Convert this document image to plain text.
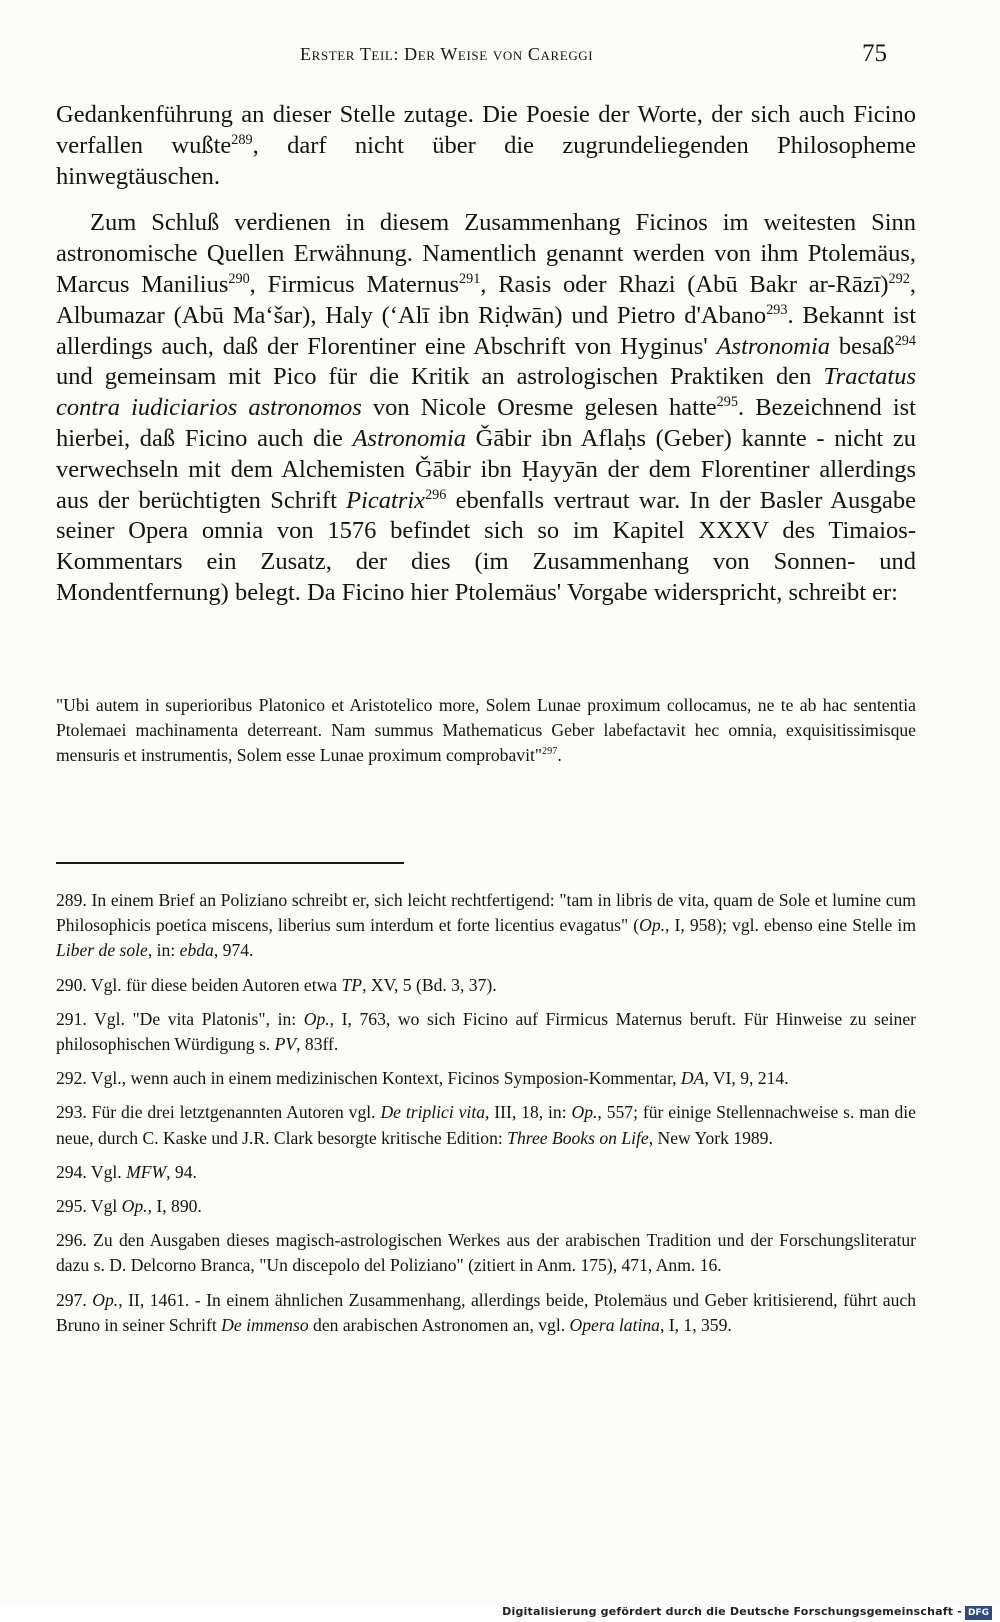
Erster Teil: Der Weise von Careggi	75

Gedankenführung an dieser Stelle zutage. Die Poesie der Worte, der sich auch Ficino verfallen wußte$^{289}$, darf nicht über die zugrundeliegenden Philosopheme hinwegtäuschen.

Zum Schluß verdienen in diesem Zusammenhang Ficinos im weitesten Sinn astronomische Quellen Erwähnung. Namentlich genannt werden von ihm Ptolemäus, Marcus Manilius$^{290}$, Firmicus Maternus$^{291}$, Rasis oder Rhazi (Abū Bakr ar-Rāzī)$^{292}$, Albumazar (Abū Ma‘šar), Haly (‘Alī ibn Riḍwān) und Pietro d'Abano$^{293}$. Bekannt ist allerdings auch, daß der Florentiner eine Abschrift von Hyginus' Astronomia besaß$^{294}$ und gemeinsam mit Pico für die Kritik an astrologischen Praktiken den Tractatus contra iudiciarios astronomos von Nicole Oresme gelesen hatte$^{295}$. Bezeichnend ist hierbei, daß Ficino auch die Astronomia Ǧābir ibn Aflaḥs (Geber) kannte - nicht zu verwechseln mit dem Alchemisten Ǧābir ibn Ḥayyān der dem Florentiner allerdings aus der berüchtigten Schrift Picatrix$^{296}$ ebenfalls vertraut war. In der Basler Ausgabe seiner Opera omnia von 1576 befindet sich so im Kapitel XXXV des Timaios-Kommentars ein Zusatz, der dies (im Zusammenhang von Sonnen- und Mondentfernung) belegt. Da Ficino hier Ptolemäus' Vorgabe widerspricht, schreibt er:

"Ubi autem in superioribus Platonico et Aristotelico more, Solem Lunae proximum collocamus, ne te ab hac sententia Ptolemaei machinamenta deterreant. Nam summus Mathematicus Geber labefactavit hec omnia, exquisitissimisque mensuris et instrumentis, Solem esse Lunae proximum comprobavit"$^{297}$.

289. In einem Brief an Poliziano schreibt er, sich leicht rechtfertigend: "tam in libris de vita, quam de Sole et lumine cum Philosophicis poetica miscens, liberius sum interdum et forte licentius evagatus" (Op., I, 958); vgl. ebenso eine Stelle im Liber de sole, in: ebda, 974.

290. Vgl. für diese beiden Autoren etwa TP, XV, 5 (Bd. 3, 37).

291. Vgl. "De vita Platonis", in: Op., I, 763, wo sich Ficino auf Firmicus Maternus beruft. Für Hinweise zu seiner philosophischen Würdigung s. PV, 83ff.

292. Vgl., wenn auch in einem medizinischen Kontext, Ficinos Symposion-Kommentar, DA, VI, 9, 214.

293. Für die drei letztgenannten Autoren vgl. De triplici vita, III, 18, in: Op., 557; für einige Stellennachweise s. man die neue, durch C. Kaske und J.R. Clark besorgte kritische Edition: Three Books on Life, New York 1989.

294. Vgl. MFW, 94.

295. Vgl Op., I, 890.

296. Zu den Ausgaben dieses magisch-astrologischen Werkes aus der arabischen Tradition und der Forschungsliteratur dazu s. D. Delcorno Branca, "Un discepolo del Poliziano" (zitiert in Anm. 175), 471, Anm. 16.

297. Op., II, 1461. - In einem ähnlichen Zusammenhang, allerdings beide, Ptolemäus und Geber kritisierend, führt auch Bruno in seiner Schrift De immenso den arabischen Astronomen an, vgl. Opera latina, I, 1, 359.

Digitalisierung gefördert durch die Deutsche Forschungsgemeinschaft - DFG
